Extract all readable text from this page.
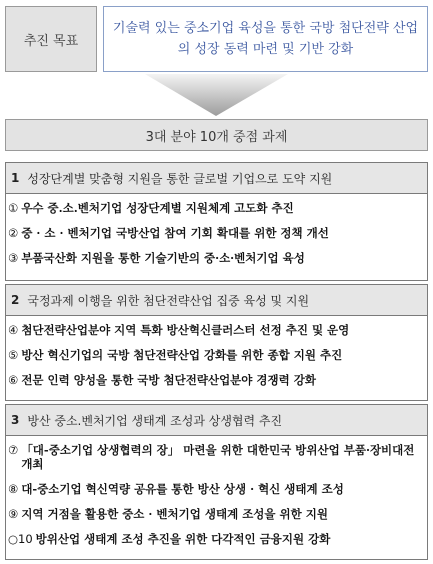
추진 목표
기술력 있는 중소기업 육성을 통한 국방 첨단전략 산업
의 성장 동력 마련 및 기반 강화
3대 분야 10개 중점 과제
1 성장단계별 맞춤형 지원을 통한 글로벌 기업으로 도약 지원
① 우수 중.소.벤처기업 성장단계별 지원체계 고도화 추진
② 중 · 소 · 벤처기업 국방산업 참여 기회 확대를 위한 정책 개선
③ 부품국산화 지원을 통한 기술기반의 중·소·벤처기업 육성
2 국정과제 이행을 위한 첨단전략산업 집중 육성 및 지원
④ 첨단전략산업분야 지역 특화 방산혁신클러스터 선정 추진 및 운영
⑤ 방산 혁신기업의 국방 첨단전략산업 강화를 위한 종합 지원 추진
⑥ 전문 인력 양성을 통한 국방 첨단전략산업분야 경쟁력 강화
3 방산 중소.벤처기업 생태계 조성과 상생협력 추진
⑦ 「대-중소기업 상생협력의 장」 마련을 위한 대한민국 방위산업 부품·장비대전 개최
⑧ 대-중소기업 혁신역량 공유를 통한 방산 상생 · 혁신 생태계 조성
⑨ 지역 거점을 활용한 중소 · 벤처기업 생태계 조성을 위한 지원
○10 방위산업 생태계 조성 추진을 위한 다각적인 금융지원 강화
